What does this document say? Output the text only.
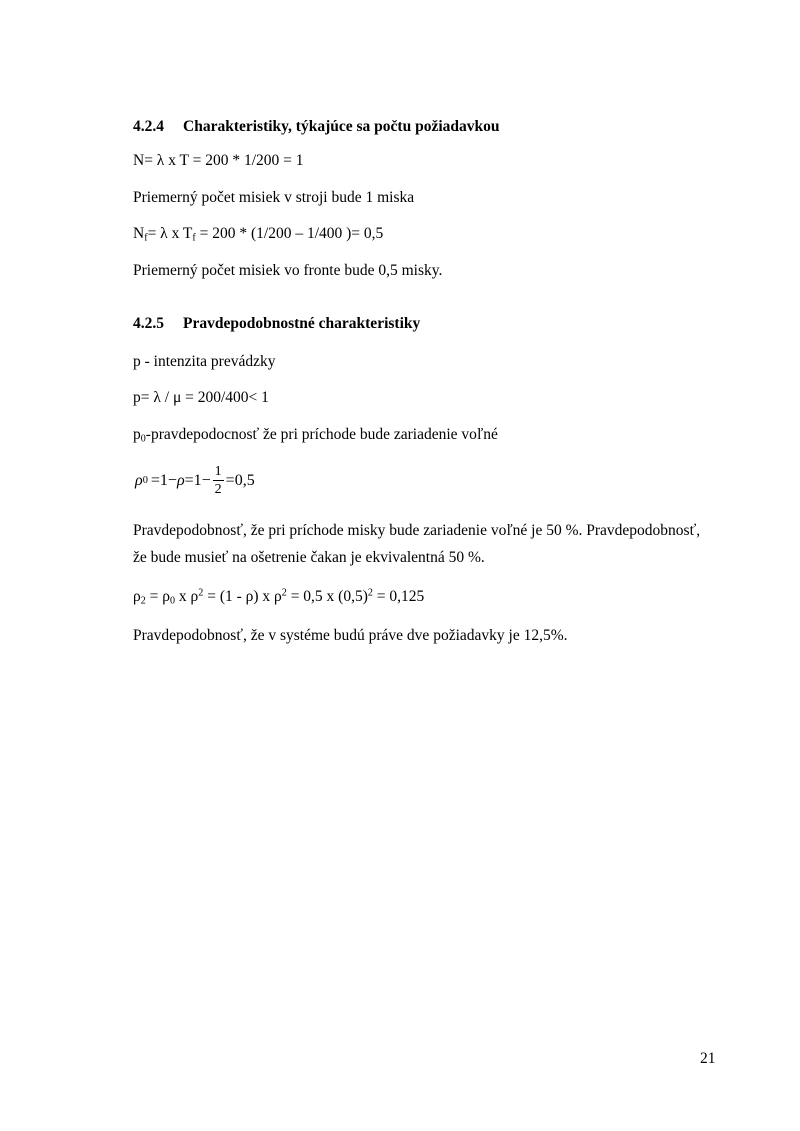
4.2.4 Charakteristiky, týkajúce sa počtu požiadavkou
N= λ x T = 200 * 1/200 = 1
Priemerný počet misiek v stroji bude 1 miska
$N_f= \lambda$ x $T_f = 200 * (1/200 - 1/400$ )= 0,5
Priemerný počet misiek vo fronte bude 0,5 misky.
4.2.5 Pravdepodobnostné charakteristiky
p - intenzita prevádzky
p= λ / μ = 200/400< 1
$p_0$-pravdepodocnosť že pri príchode bude zariadenie voľné
ρ $0 =1- \rho =1- \frac{1}{2} =0,5$
Pravdepodobnosť, že pri príchode misky bude zariadenie voľné je 50 %. Pravdepodobnosť,
že bude musieť na ošetrenie čakan je ekvivalentná 50 %.
$\rho_2 = \rho_0$ x $\rho^2 = (1 - \rho)$ x $\rho^2 = 0,5$ x $(0,5)^2 = 0,125$
Pravdepodobnosť, že v systéme budú práve dve požiadavky je 12,5%.
21
